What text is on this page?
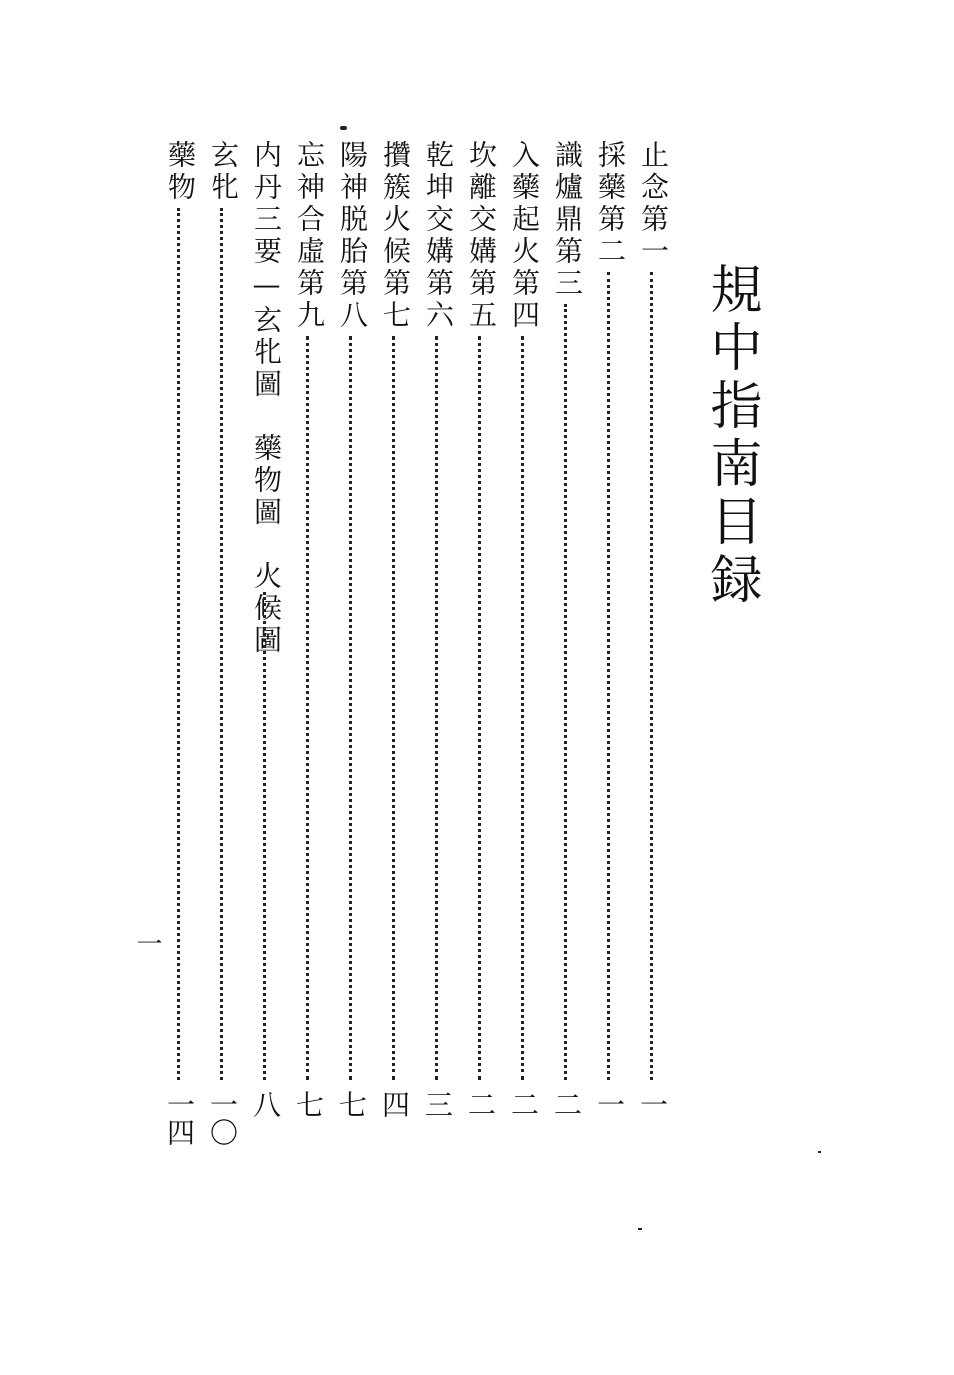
規中指南目録
止念第一
一
採藥第二
一
識爐鼎第三
二
入藥起火第四
二
坎離交媾第五
二
乾坤交媾第六
三
攢簇火候第七
四
陽神脱胎第八
七
忘神合虛第九
七
内丹三要—玄牝圖　藥物圖　火候圖
八
玄牝
一〇
藥物
一四
一
